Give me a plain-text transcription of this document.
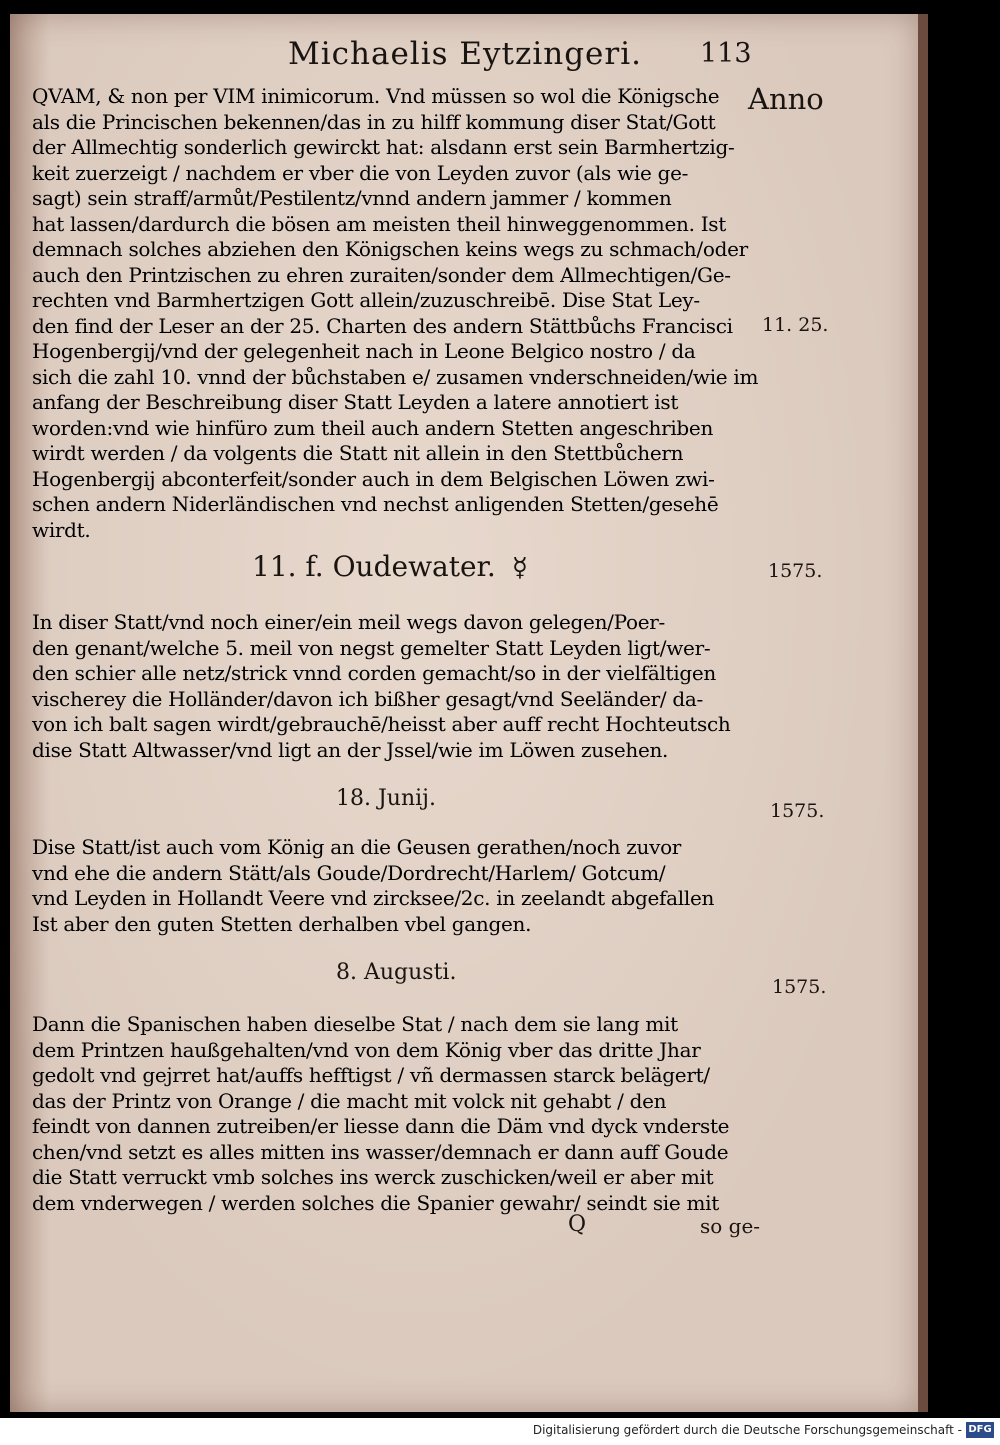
Michaelis Eytzingeri.	113
Anno
QVAM, & non per VIM inimicorum. Vnd müssen so wol die Königsche
als die Princischen bekennen/das in zu hilff kommung diser Stat/Gott
der Allmechtig sonderlich gewirckt hat: alsdann erst sein Barmhertzig-
keit zuerzeigt / nachdem er vber die von Leyden zuvor (als wie ge-
sagt) sein straff/armůt/Pestilentz/vnnd andern jammer / kommen
hat lassen/dardurch die bösen am meisten theil hinweggenommen. Ist
demnach solches abziehen den Königschen keins wegs zu schmach/oder
auch den Printzischen zu ehren zuraiten/sonder dem Allmechtigen/Ge-
rechten vnd Barmhertzigen Gott allein/zuzuschreibē. Dise Stat Ley-
den find der Leser an der 25. Charten des andern Stättbůchs Francisci
Hogenbergij/vnd der gelegenheit nach in Leone Belgico nostro / da
sich die zahl 10. vnnd der bůchstaben e/ zusamen vnderschneiden/wie im
anfang der Beschreibung diser Statt Leyden a latere annotiert ist
worden:vnd wie hinfüro zum theil auch andern Stetten angeschriben
wirdt werden / da volgents die Statt nit allein in den Stettbůchern
Hogenbergij abconterfeit/sonder auch in dem Belgischen Löwen zwi-
schen andern Niderländischen vnd nechst anligenden Stetten/gesehē
wirdt.
11. 25.
11. f. Oudewater. ☿	1575.
In diser Statt/vnd noch einer/ein meil wegs davon gelegen/Poer-
den genant/welche 5. meil von negst gemelter Statt Leyden ligt/wer-
den schier alle netz/strick vnnd corden gemacht/so in der vielfältigen
vischerey die Holländer/davon ich bißher gesagt/vnd Seeländer/ da-
von ich balt sagen wirdt/gebrauchē/heisst aber auff recht Hochteutsch
dise Statt Altwasser/vnd ligt an der Jssel/wie im Löwen zusehen.
18. Junij.	1575.
Dise Statt/ist auch vom König an die Geusen gerathen/noch zuvor
vnd ehe die andern Stätt/als Goude/Dordrecht/Harlem/ Gotcum/
vnd Leyden in Hollandt Veere vnd zircksee/2c. in zeelandt abgefallen
Ist aber den guten Stetten derhalben vbel gangen.
8. Augusti.
1575.
Dann die Spanischen haben dieselbe Stat / nach dem sie lang mit
dem Printzen haußgehalten/vnd von dem König vber das dritte Jhar
gedolt vnd gejrret hat/auffs hefftigst / vñ dermassen starck belägert/
das der Printz von Orange / die macht mit volck nit gehabt / den
feindt von dannen zutreiben/er liesse dann die Däm vnd dyck vnderste
chen/vnd setzt es alles mitten ins wasser/demnach er dann auff Goude
die Statt verruckt vmb solches ins werck zuschicken/weil er aber mit
dem vnderwegen / werden solches die Spanier gewahr/ seindt sie mit
Q	so ge-
Digitalisierung gefördert durch die Deutsche Forschungsgemeinschaft - DFG
